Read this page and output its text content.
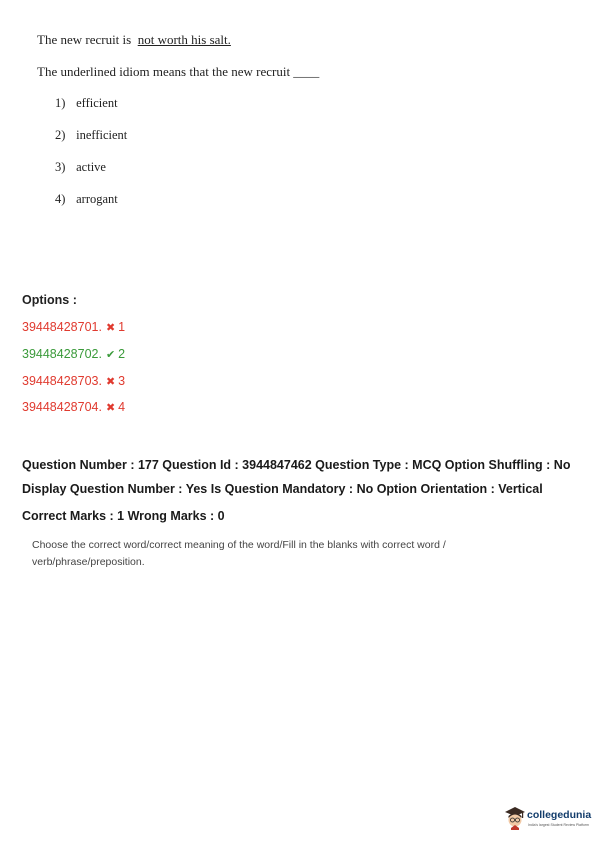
The new recruit is not worth his salt.
The underlined idiom means that the new recruit ____
1) efficient
2) inefficient
3) active
4) arrogant
Options :
39448428701. ✖ 1
39448428702. ✔ 2
39448428703. ✖ 3
39448428704. ✖ 4
Question Number : 177 Question Id : 3944847462 Question Type : MCQ Option Shuffling : No
Display Question Number : Yes Is Question Mandatory : No Option Orientation : Vertical
Correct Marks : 1 Wrong Marks : 0
Choose the correct word/correct meaning of the word/Fill in the blanks with correct word / verb/phrase/preposition.
collegedunia
India's largest Student Review Platform
